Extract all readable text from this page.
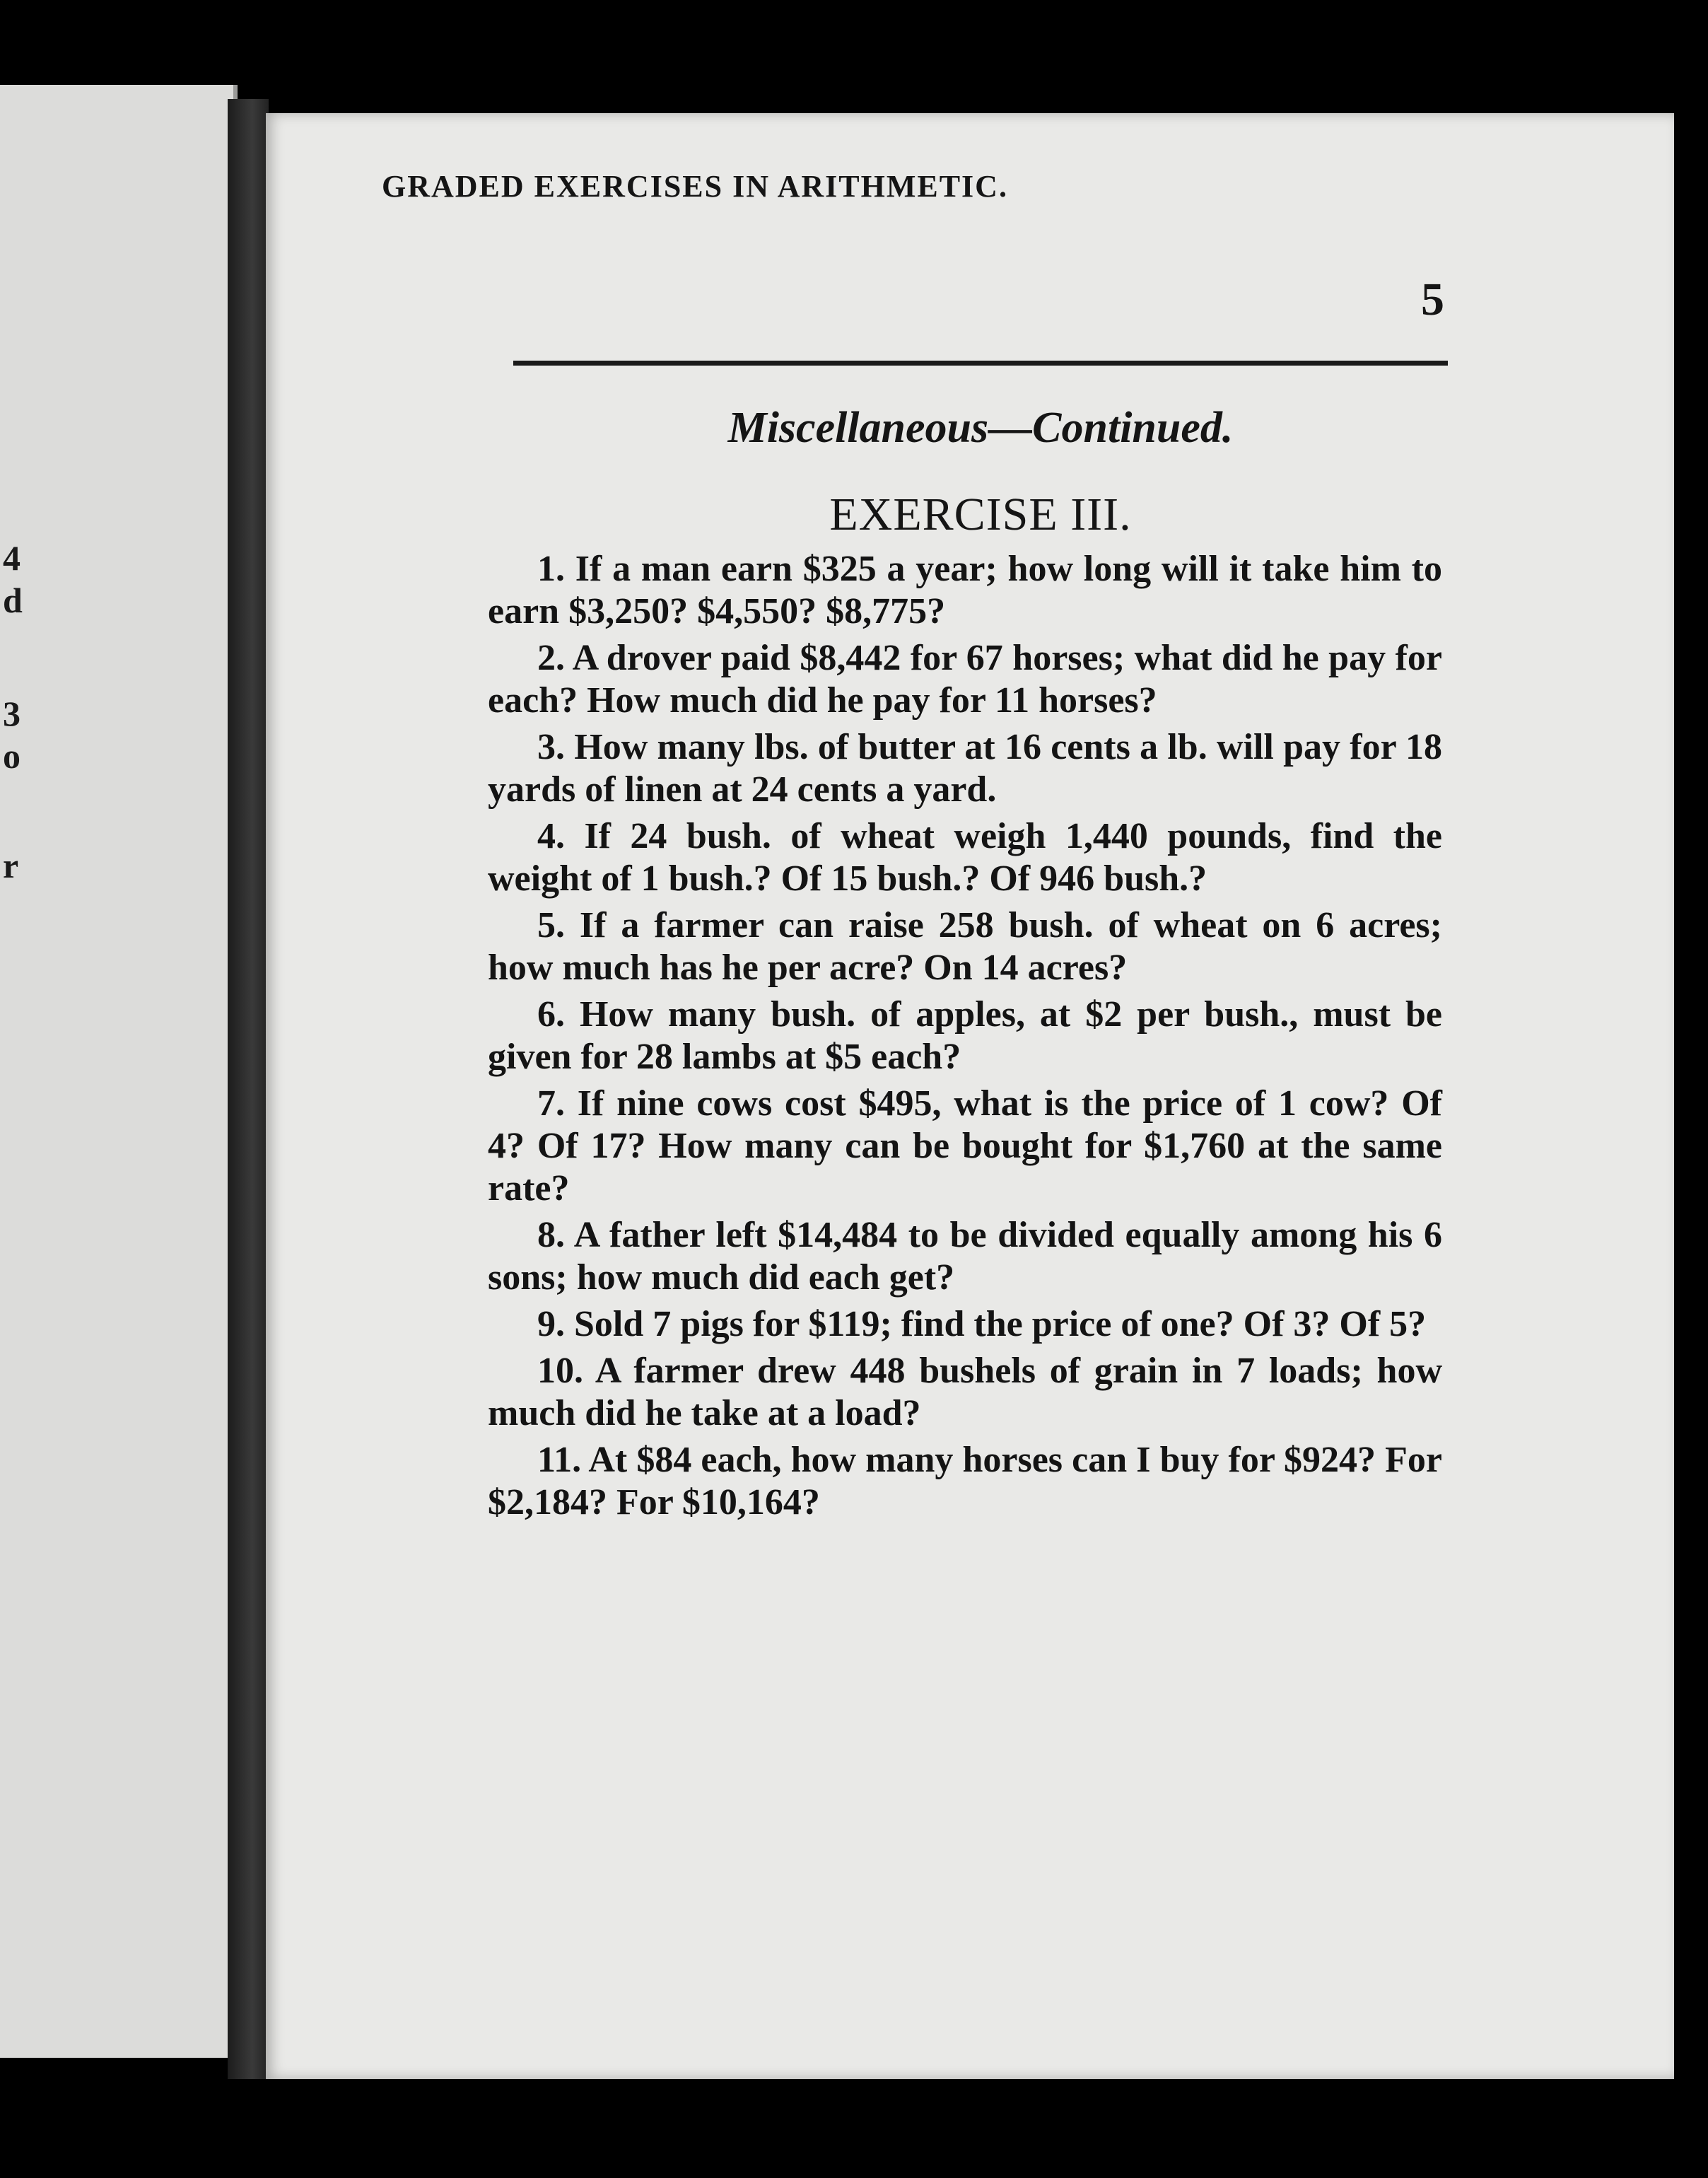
4
d
3
o
r
GRADED EXERCISES IN ARITHMETIC.
5
Miscellaneous—Continued.
EXERCISE III.

1. If a man earn $325 a year; how long will it take him to earn $3,250? $4,550? $8,775?

2. A drover paid $8,442 for 67 horses; what did he pay for each? How much did he pay for 11 horses?

3. How many lbs. of butter at 16 cents a lb. will pay for 18 yards of linen at 24 cents a yard.

4. If 24 bush. of wheat weigh 1,440 pounds, find the weight of 1 bush.? Of 15 bush.? Of 946 bush.?

5. If a farmer can raise 258 bush. of wheat on 6 acres; how much has he per acre? On 14 acres?

6. How many bush. of apples, at $2 per bush., must be given for 28 lambs at $5 each?

7. If nine cows cost $495, what is the price of 1 cow? Of 4? Of 17? How many can be bought for $1,760 at the same rate?

8. A father left $14,484 to be divided equally among his 6 sons; how much did each get?

9. Sold 7 pigs for $119; find the price of one? Of 3? Of 5?

10. A farmer drew 448 bushels of grain in 7 loads; how much did he take at a load?

11. At $84 each, how many horses can I buy for $924? For $2,184? For $10,164?
